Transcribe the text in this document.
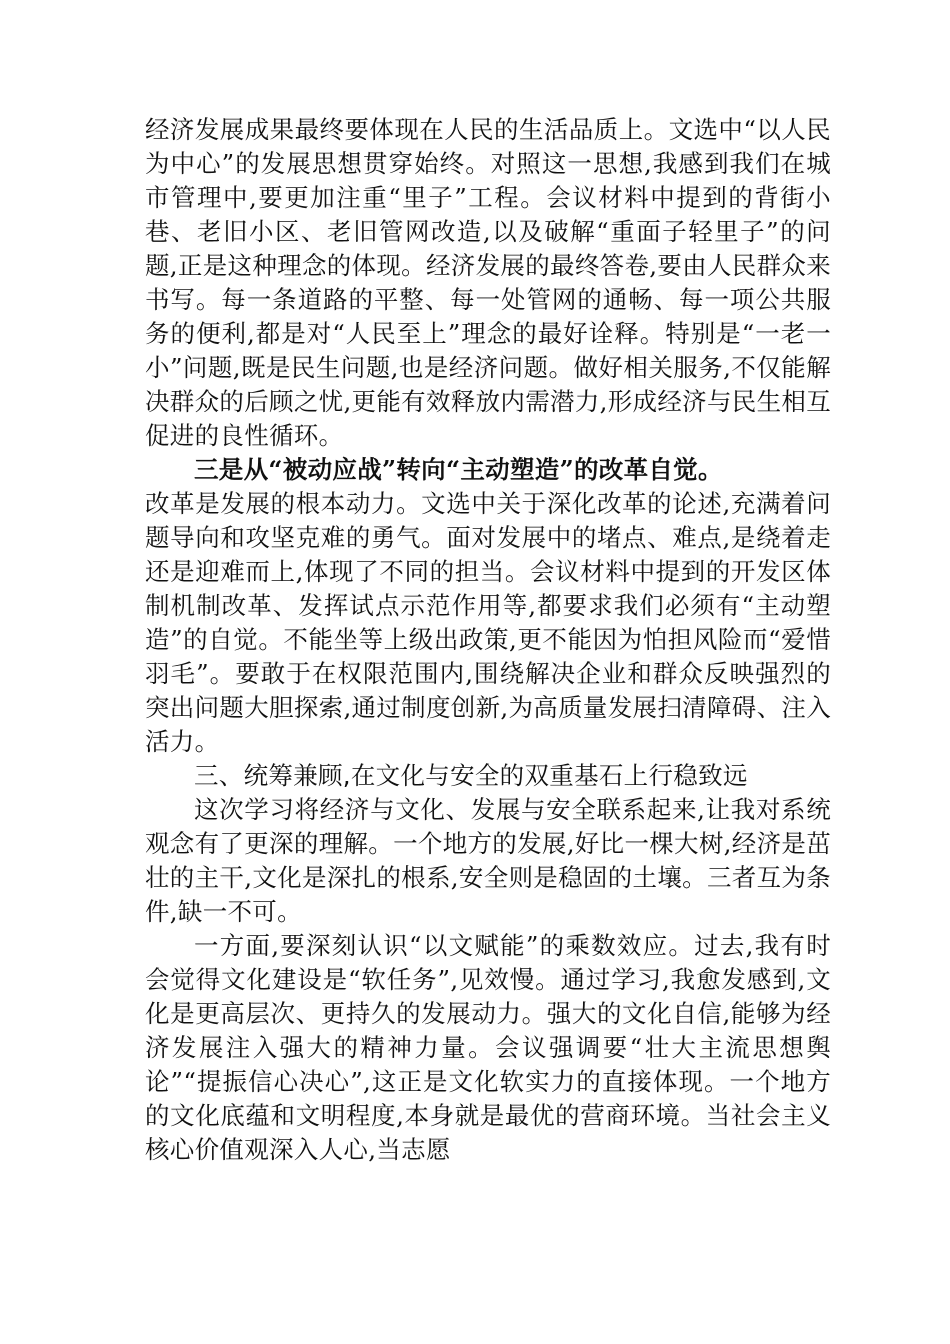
经济发展成果最终要体现在人民的生活品质上。文选中“以人民为中心”的发展思想贯穿始终。对照这一思想,我感到我们在城市管理中,要更加注重“里子”工程。会议材料中提到的背街小巷、老旧小区、老旧管网改造,以及破解“重面子轻里子”的问题,正是这种理念的体现。经济发展的最终答卷,要由人民群众来书写。每一条道路的平整、每一处管网的通畅、每一项公共服务的便利,都是对“人民至上”理念的最好诠释。特别是“一老一小”问题,既是民生问题,也是经济问题。做好相关服务,不仅能解决群众的后顾之忧,更能有效释放内需潜力,形成经济与民生相互促进的良性循环。

三是从“被动应战”转向“主动塑造”的改革自觉。
改革是发展的根本动力。文选中关于深化改革的论述,充满着问题导向和攻坚克难的勇气。面对发展中的堵点、难点,是绕着走还是迎难而上,体现了不同的担当。会议材料中提到的开发区体制机制改革、发挥试点示范作用等,都要求我们必须有“主动塑造”的自觉。不能坐等上级出政策,更不能因为怕担风险而“爱惜羽毛”。要敢于在权限范围内,围绕解决企业和群众反映强烈的突出问题大胆探索,通过制度创新,为高质量发展扫清障碍、注入活力。

三、统筹兼顾,在文化与安全的双重基石上行稳致远

这次学习将经济与文化、发展与安全联系起来,让我对系统观念有了更深的理解。一个地方的发展,好比一棵大树,经济是茁壮的主干,文化是深扎的根系,安全则是稳固的土壤。三者互为条件,缺一不可。

一方面,要深刻认识“以文赋能”的乘数效应。过去,我有时会觉得文化建设是“软任务”,见效慢。通过学习,我愈发感到,文化是更高层次、更持久的发展动力。强大的文化自信,能够为经济发展注入强大的精神力量。会议强调要“壮大主流思想舆论”“提振信心决心”,这正是文化软实力的直接体现。一个地方的文化底蕴和文明程度,本身就是最优的营商环境。当社会主义核心价值观深入人心,当志愿
